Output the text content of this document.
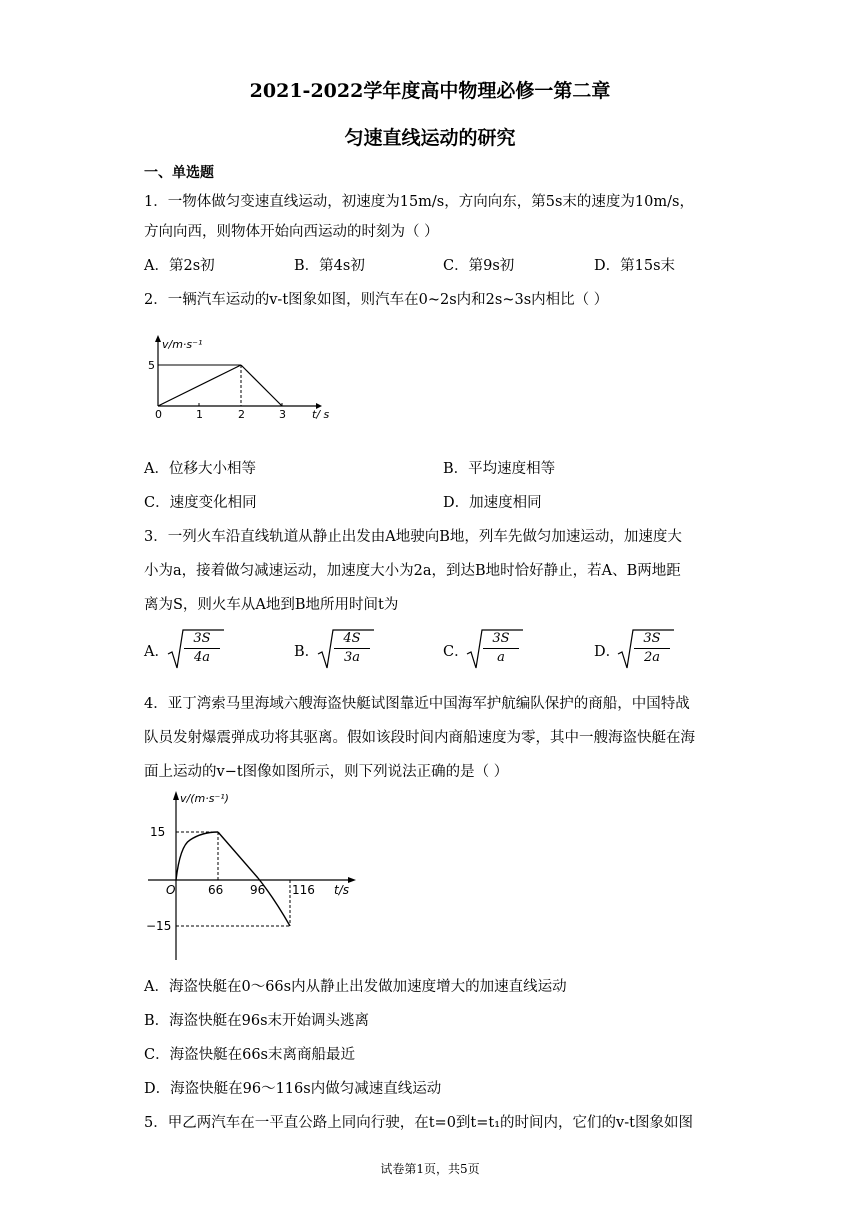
2021-2022学年度高中物理必修一第二章
匀速直线运动的研究
一、单选题
1．一物体做匀变速直线运动，初速度为15m/s，方向向东，第5s末的速度为10m/s，
方向向西，则物体开始向西运动的时刻为（ ）
A．第2s初	B．第4s初	C．第9s初	D．第15s末
2．一辆汽车运动的v-t图象如图，则汽车在0~2s内和2s~3s内相比（ ）
v/m·s⁻¹
5
0	1	2	3 t/ s
A．位移大小相等	B．平均速度相等
C．速度变化相同	D．加速度相同
3．一列火车沿直线轨道从静止出发由A地驶向B地，列车先做匀加速运动，加速度大
小为a，接着做匀减速运动，加速度大小为2a，到达B地时恰好静止，若A、B两地距
离为S，则火车从A地到B地所用时间t为
A． $\frac{3S}{4a}$	B． $\frac{4S}{3a}$	C． $\frac{3S}{a}$	D． $\frac{3S}{2a}$
4．亚丁湾索马里海域六艘海盗快艇试图靠近中国海军护航编队保护的商船，中国特战
队员发射爆震弹成功将其驱离。假如该段时间内商船速度为零，其中一艘海盗快艇在海
面上运动的v−t图像如图所示，则下列说法正确的是（ ）
v/(m·s⁻¹)
15
−15
O	66 96 116 t/s
A．海盗快艇在0～66s内从静止出发做加速度增大的加速直线运动
B．海盗快艇在96s末开始调头逃离
C．海盗快艇在66s末离商船最近
D．海盗快艇在96～116s内做匀减速直线运动
5．甲乙两汽车在一平直公路上同向行驶，在t=0到t=t₁的时间内，它们的v-t图象如图
试卷第1页，共5页
